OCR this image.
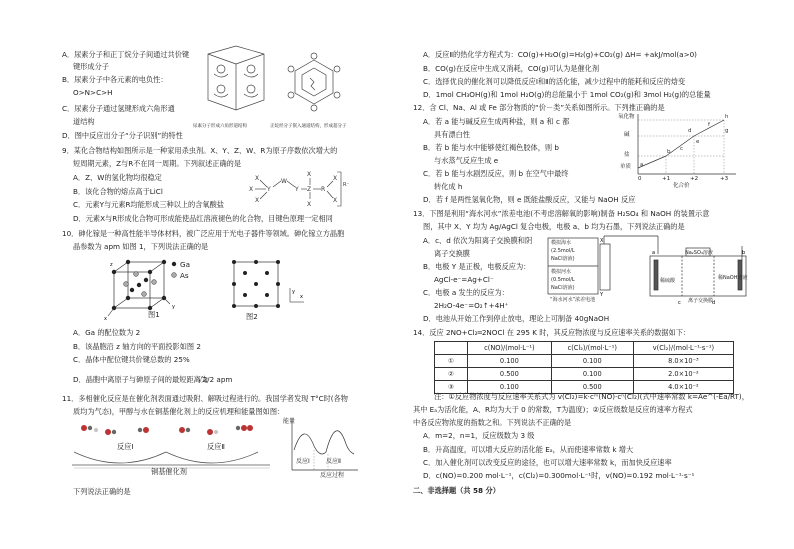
A．尿素分子和正丁烷分子间通过共价键
键形成分子
B．尿素分子中各元素的电负性：
O>N>C>H
C．尿素分子通过氢键形成六角形通
道结构
D．图中反应出分子“分子识别”的特性
尿素分子形成六角形道结构	正烷烃分子嵌入通道结构，形成超分子
9．某化合物结构如图所示是一种家用杀虫剂。X、Y、Z、W、R为原子序数依次增大的
短周期元素，Z与R不在同一周期。下列叙述正确的是
A．Z、W的氢化物均很稳定
B．该化合物的熔点高于LiCl
C．元素Y与元素R均能形成三种以上的含氧酸盐
D．元素X与R形成化合物可形成能使品红溶液褪色的化合物，目键色原理一定相同
X
X
X Y
W
Y Z R
X
X
X
X
R⁻
10．砷化镓是一种高性能半导体材料，被广泛应用于光电子器件等领域。砷化镓立方晶胞
晶参数为 apm 如图 1，下列说法正确的是
z
x
y
Ga
As
图1	图2
y
x
A．Ga 的配位数为 2
B．该晶胞沿 z 轴方向的平面投影如图 2
C．晶体中配位键共价键总数的 25%
D．晶胞中离原子与砷原子间的最短距离为
√2/2 apm
11．多相催化反应是在催化剂表面通过吸附、解吸过程进行的。我国学者发现 T°C时(各物
质均为气态)，甲醇与水在铜基催化剂上的反应机理和能量图如图：
反应Ⅰ	反应Ⅱ
铜基催化剂
能量
反应Ⅰ	反应Ⅱ
反应过程
下列说法正确的是
A．反应Ⅱ的热化学方程式为：CO(g)+H₂O(g)=H₂(g)+CO₂(g) ΔH= +akJ/mol(a>0)
B．CO(g)在反应中生成又消耗，CO(g)可认为是催化剂
C．选择优良的催化剂可以降低反应Ⅰ和Ⅱ的活化能，减少过程中的能耗和反应的焓变
D．1mol CH₃OH(g)和 1mol H₂O(g)的总能量小于 1mol CO₂(g)和 3mol H₂(g)的总能量
12．含 Cl、Na、Al 或 Fe 部分物质的“价－类”关系如图所示。下列推正确的是
A．若 a 能与碱反应生成两种盐，则 a 和 c 都
具有漂白性
B．若 b 能与水中能够使红褐色胶体，则 b
与水蒸气反应生成 e
C．若 b 能与水剧烈反应，则 b 在空气中最终
转化成 h
D．若 f 是两性氢氧化物，则 e 既能盐酸反应，又能与 NaOH 反应
a
b c
d
e
f
g
h
氧化物
碱
盐
单质
0	+1	+2	+3
化合价
13．下图是利用“海水河水”浓差电池(不考虑溶解氧的影响)制备 H₂SO₄ 和 NaOH 的装置示意
图，其中 X、Y 均为 Ag/AgCl 复合电极，电极 a、b 均为石墨，下列说法正确的是
A．c、d 依次为阳离子交换膜和阴
离子交换膜
B．电极 Y 是正极，电极反应为：
AgCl-e⁻=Ag+Cl⁻
C．电极 a 发生的反应为：
2H₂O-4e⁻=O₂↑+4H⁺
D．电池从开始工作到停止放电，理论上可制备 40gNaOH
a	b
c	d
X
Y
模拟海水
(2.5mol/L
NaCl溶液)
模拟河水
(0.5mol/L
NaCl溶液)
Na₂SO₄溶液
稀硫酸	稀NaOH溶液
“海水河水”浓差电池	离子交换膜
14．反应 2NO+Cl₂═2NOCl 在 295 K 时，其反应物浓度与反应速率关系的数据如下：
	c(NO)/(mol·L⁻¹)	c(Cl₂)/(mol·L⁻¹)	v(Cl₂)/(mol·L⁻¹·s⁻¹)
①	0.100	0.100	8.0×10⁻³
②	0.500	0.100	2.0×10⁻²
③	0.100	0.500	4.0×10⁻²
注：①反应物浓度与反应速率关系式为 v(Cl₂)=k·cᵐ(NO)·cⁿ(Cl₂)(式中速率常数 k=Ae^(-Ea/RT)，
其中 Eₐ为活化能，A、R均为大于 0 的常数，T为温度)；②反应级数是反应的速率方程式
中各反应物浓度的指数之和。下列说法不正确的是
A．m=2，n=1，反应级数为 3 级
B．升高温度，可以增大反应的活化能 Eₐ，从而使速率常数 k 增大
C．加入催化剂可以改变反应的途径，也可以增大速率常数 k，而加快反应速率
D．c(NO)=0.200 mol·L⁻¹，c(Cl₂)=0.300mol·L⁻¹时，v(NO)=0.192 mol·L⁻¹·s⁻¹
二、非选择题（共 58 分）
